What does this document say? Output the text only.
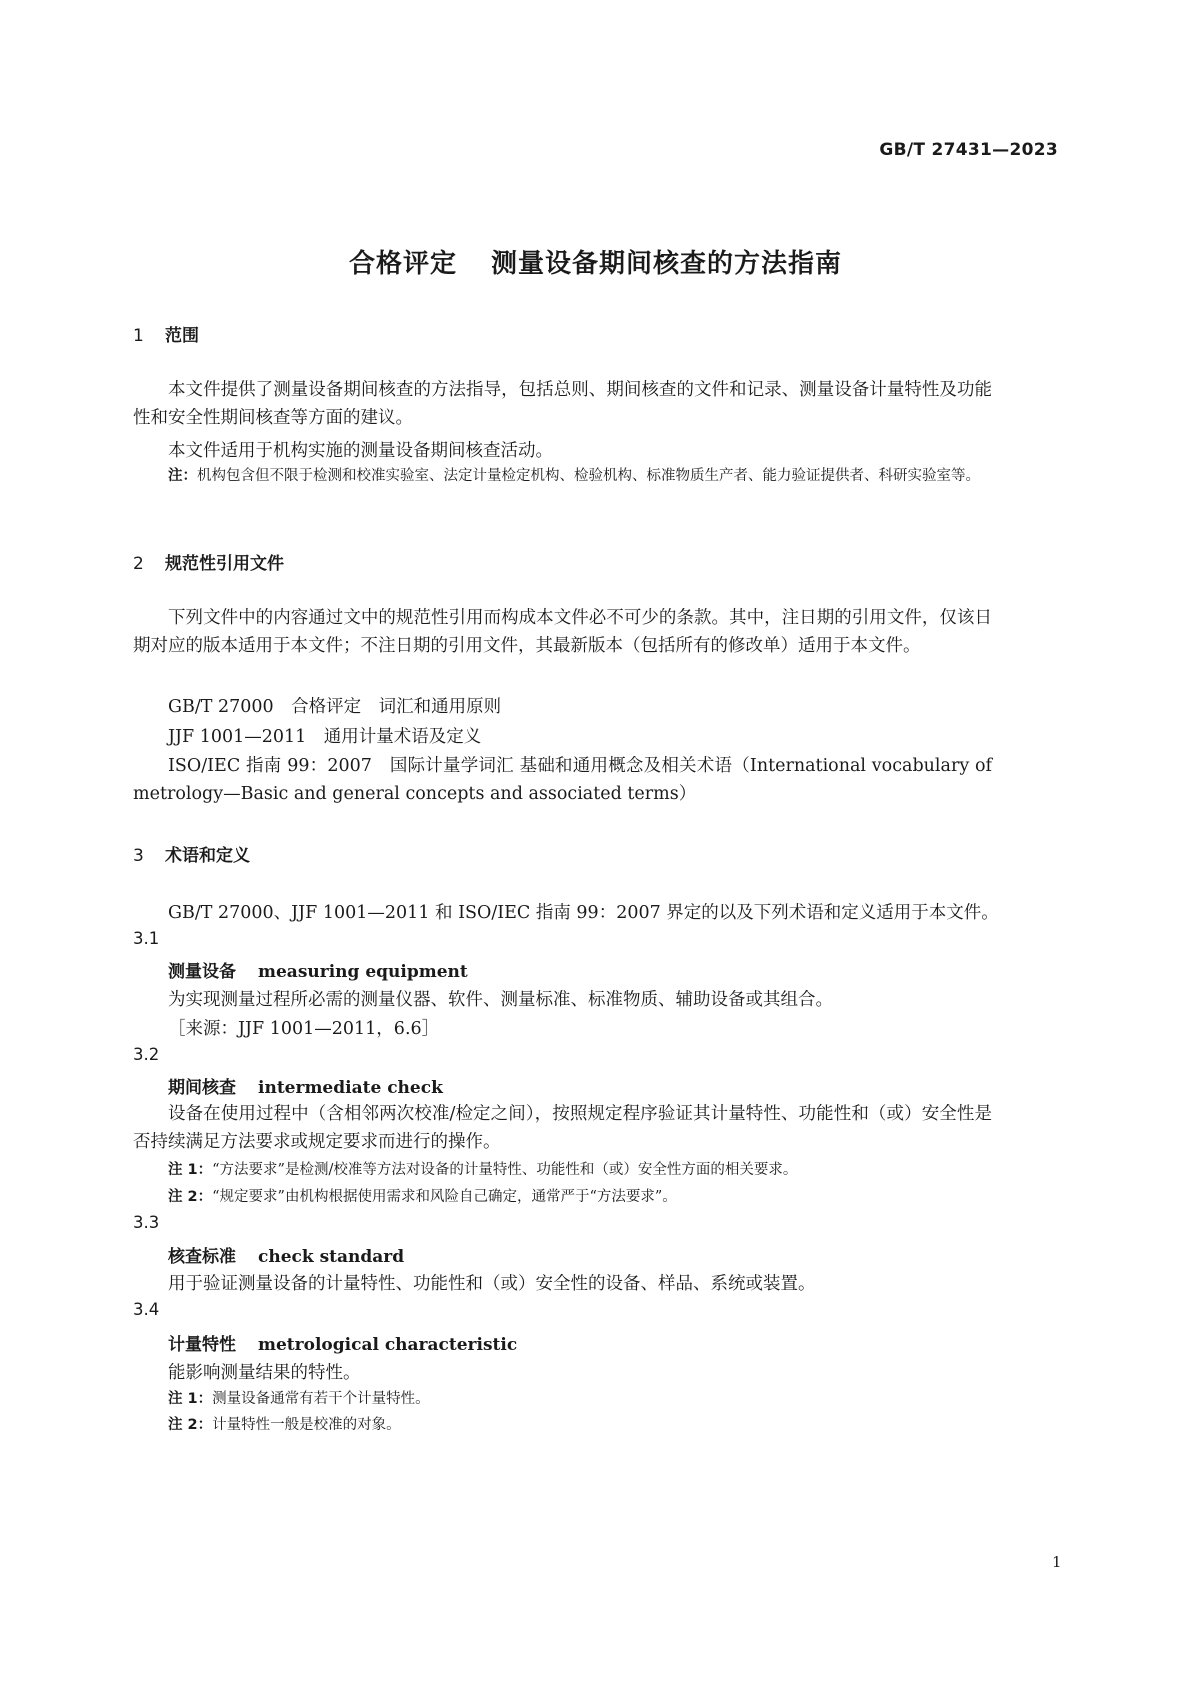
GB/T 27431—2023
合格评定 测量设备期间核查的方法指南
1 范围
本文件提供了测量设备期间核查的方法指导，包括总则、期间核查的文件和记录、测量设备计量特性及功能性和安全性期间核查等方面的建议。
本文件适用于机构实施的测量设备期间核查活动。
注： 机构包含但不限于检测和校准实验室、法定计量检定机构、检验机构、标准物质生产者、能力验证提供者、科研实验室等。
2 规范性引用文件
下列文件中的内容通过文中的规范性引用而构成本文件必不可少的条款。其中，注日期的引用文件，仅该日期对应的版本适用于本文件；不注日期的引用文件，其最新版本（包括所有的修改单）适用于本文件。
GB/T 27000　合格评定　词汇和通用原则
JJF 1001—2011　通用计量术语及定义
ISO/IEC 指南 99：2007　国际计量学词汇 基础和通用概念及相关术语（International vocabulary of metrology—Basic and general concepts and associated terms）
3 术语和定义
GB/T 27000、JJF 1001—2011 和 ISO/IEC 指南 99：2007 界定的以及下列术语和定义适用于本文件。
3.1
测量设备 measuring equipment
为实现测量过程所必需的测量仪器、软件、测量标准、标准物质、辅助设备或其组合。
［来源：JJF 1001—2011，6.6］
3.2
期间核查 intermediate check
设备在使用过程中（含相邻两次校准/检定之间），按照规定程序验证其计量特性、功能性和（或）安全性是否持续满足方法要求或规定要求而进行的操作。
注 1：“方法要求”是检测/校准等方法对设备的计量特性、功能性和（或）安全性方面的相关要求。
注 2：“规定要求”由机构根据使用需求和风险自己确定，通常严于“方法要求”。
3.3
核查标准 check standard
用于验证测量设备的计量特性、功能性和（或）安全性的设备、样品、系统或装置。
3.4
计量特性 metrological characteristic
能影响测量结果的特性。
注 1：测量设备通常有若干个计量特性。
注 2：计量特性一般是校准的对象。
1
